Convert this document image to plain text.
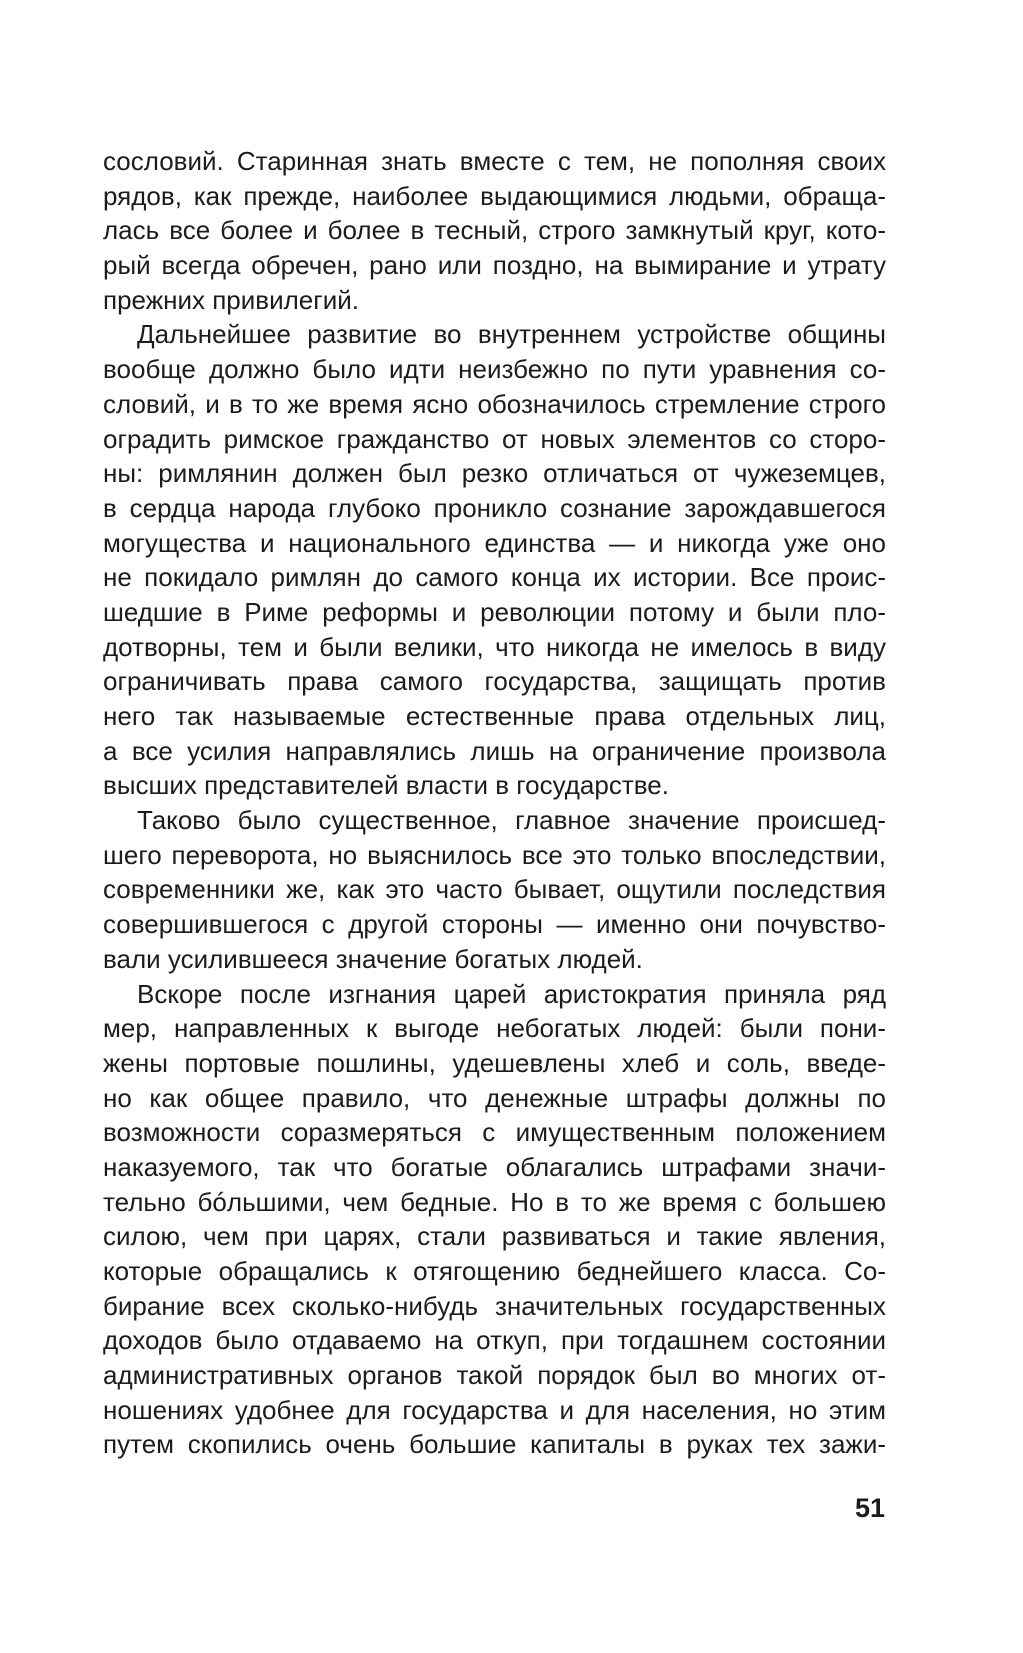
сословий. Старинная знать вместе с тем, не пополняя своих
рядов, как прежде, наиболее выдающимися людьми, обраща-
лась все более и более в тесный, строго замкнутый круг, кото-
рый всегда обречен, рано или поздно, на вымирание и утрату
прежних привилегий.
Дальнейшее развитие во внутреннем устройстве общины
вообще должно было идти неизбежно по пути уравнения со-
словий, и в то же время ясно обозначилось стремление строго
оградить римское гражданство от новых элементов со сторо-
ны: римлянин должен был резко отличаться от чужеземцев,
в сердца народа глубоко проникло сознание зарождавшегося
могущества и национального единства — и никогда уже оно
не покидало римлян до самого конца их истории. Все проис-
шедшие в Риме реформы и революции потому и были пло-
дотворны, тем и были велики, что никогда не имелось в виду
ограничивать права самого государства, защищать против
него так называемые естественные права отдельных лиц,
а все усилия направлялись лишь на ограничение произвола
высших представителей власти в государстве.
Таково было существенное, главное значение происшед-
шего переворота, но выяснилось все это только впоследствии,
современники же, как это часто бывает, ощутили последствия
совершившегося с другой стороны — именно они почувство-
вали усилившееся значение богатых людей.
Вскоре после изгнания царей аристократия приняла ряд
мер, направленных к выгоде небогатых людей: были пони-
жены портовые пошлины, удешевлены хлеб и соль, введе-
но как общее правило, что денежные штрафы должны по
возможности соразмеряться с имущественным положением
наказуемого, так что богатые облагались штрафами значи-
тельно бóльшими, чем бедные. Но в то же время с большею
силою, чем при царях, стали развиваться и такие явления,
которые обращались к отягощению беднейшего класса. Со-
бирание всех сколько-нибудь значительных государственных
доходов было отдаваемо на откуп, при тогдашнем состоянии
административных органов такой порядок был во многих от-
ношениях удобнее для государства и для населения, но этим
путем скопились очень большие капиталы в руках тех зажи-
51
